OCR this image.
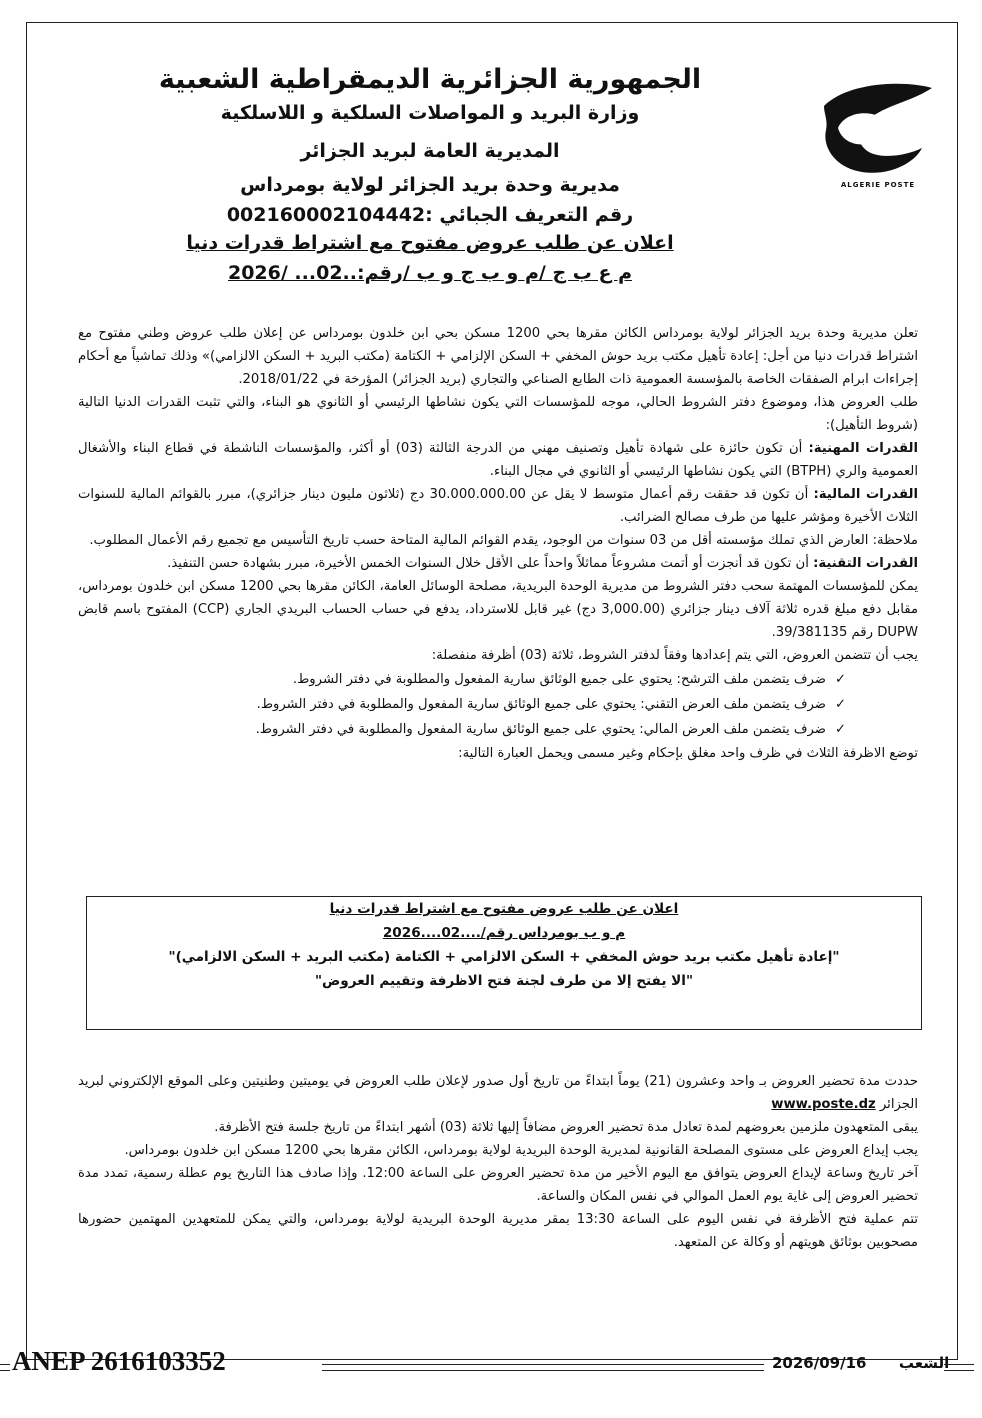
ALGERIE POSTE
الجمهورية الجزائرية الديمقراطية الشعبية
وزارة البريد و المواصلات السلكية و اللاسلكية
المديرية العامة لبريد الجزائر
مديرية وحدة بريد الجزائر لولاية بومرداس
رقم التعريف الجبائي :002160002104442
اعلان عن طلب عروض مفتوح مع اشتراط قدرات دنيا
م ع ب ج /م و ب ج و ب /رقم:..02... /2026

تعلن مديرية وحدة بريد الجزائر لولاية بومرداس الكائن مقرها بحي 1200 مسكن بحي ابن خلدون بومرداس عن إعلان طلب عروض وطني مفتوح مع اشتراط قدرات دنيا من أجل: إعادة تأهيل مكتب بريد حوش المخفي + السكن الإلزامي + الكتامة (مكتب البريد + السكن الالزامي)» وذلك تماشياً مع أحكام إجراءات ابرام الصفقات الخاصة بالمؤسسة العمومية ذات الطابع الصناعي والتجاري (بريد الجزائر) المؤرخة في 2018/01/22.

طلب العروض هذا، وموضوع دفتر الشروط الحالي، موجه للمؤسسات التي يكون نشاطها الرئيسي أو الثانوي هو البناء، والتي تثبت القدرات الدنيا التالية (شروط التأهيل):

القدرات المهنية: أن تكون حائزة على شهادة تأهيل وتصنيف مهني من الدرجة الثالثة (03) أو أكثر، والمؤسسات الناشطة في قطاع البناء والأشغال العمومية والري (BTPH) التي يكون نشاطها الرئيسي أو الثانوي في مجال البناء.

القدرات المالية: أن تكون قد حققت رقم أعمال متوسط لا يقل عن 30.000.000.00 دج (ثلاثون مليون دينار جزائري)، مبرر بالقوائم المالية للسنوات الثلاث الأخيرة ومؤشر عليها من طرف مصالح الضرائب.

ملاحظة: العارض الذي تملك مؤسسته أقل من 03 سنوات من الوجود، يقدم القوائم المالية المتاحة حسب تاريخ التأسيس مع تجميع رقم الأعمال المطلوب.

القدرات التقنية: أن تكون قد أنجزت أو أتمت مشروعاً مماثلاً واحداً على الأقل خلال السنوات الخمس الأخيرة، مبرر بشهادة حسن التنفيذ.

يمكن للمؤسسات المهتمة سحب دفتر الشروط من مديرية الوحدة البريدية، مصلحة الوسائل العامة، الكائن مقرها بحي 1200 مسكن ابن خلدون بومرداس، مقابل دفع مبلغ قدره ثلاثة آلاف دينار جزائري (3,000.00 دج) غير قابل للاسترداد، يدفع في حساب الحساب البريدي الجاري (CCP) المفتوح باسم قابض DUPW رقم 39/381135.

يجب أن تتضمن العروض، التي يتم إعدادها وفقاً لدفتر الشروط، ثلاثة (03) أظرفة منفصلة:

✓
ضرف يتضمن ملف الترشح: يحتوي على جميع الوثائق سارية المفعول والمطلوبة في دفتر الشروط.
✓
ضرف يتضمن ملف العرض التقني: يحتوي على جميع الوثائق سارية المفعول والمطلوبة في دفتر الشروط.
✓
ضرف يتضمن ملف العرض المالي: يحتوي على جميع الوثائق سارية المفعول والمطلوبة في دفتر الشروط.

توضع الاظرفة الثلاث في ظرف واحد مغلق بإحكام وغير مسمى ويحمل العبارة التالية:

اعلان عن طلب عروض مفتوح مع اشتراط قدرات دنيا
م و ب بومرداس رقم/....02....2026
"إعادة تأهيل مكتب بريد حوش المخفي + السكن الالزامي + الكتامة (مكتب البريد + السكن الالزامي)"
"الا يفتح إلا من طرف لجنة فتح الاظرفة وتقييم العروض"

حددت مدة تحضير العروض بـ واحد وعشرون (21) يوماً ابتداءً من تاريخ أول صدور لإعلان طلب العروض في يوميتين وطنيتين وعلى الموقع الإلكتروني لبريد الجزائر www.poste.dz

يبقى المتعهدون ملزمين بعروضهم لمدة تعادل مدة تحضير العروض مضافاً إليها ثلاثة (03) أشهر ابتداءً من تاريخ جلسة فتح الأظرفة.

يجب إيداع العروض على مستوى المصلحة القانونية لمديرية الوحدة البريدية لولاية بومرداس، الكائن مقرها بحي 1200 مسكن ابن خلدون بومرداس.

آخر تاريخ وساعة لإيداع العروض يتوافق مع اليوم الأخير من مدة تحضير العروض على الساعة 12:00. وإذا صادف هذا التاريخ يوم عطلة رسمية، تمدد مدة تحضير العروض إلى غاية يوم العمل الموالي في نفس المكان والساعة.

تتم عملية فتح الأظرفة في نفس اليوم على الساعة 13:30 بمقر مديرية الوحدة البريدية لولاية بومرداس، والتي يمكن للمتعهدين المهتمين حضورها مصحوبين بوثائق هويتهم أو وكالة عن المتعهد.

ANEP 2616103352	الشعب  2026/09/16
